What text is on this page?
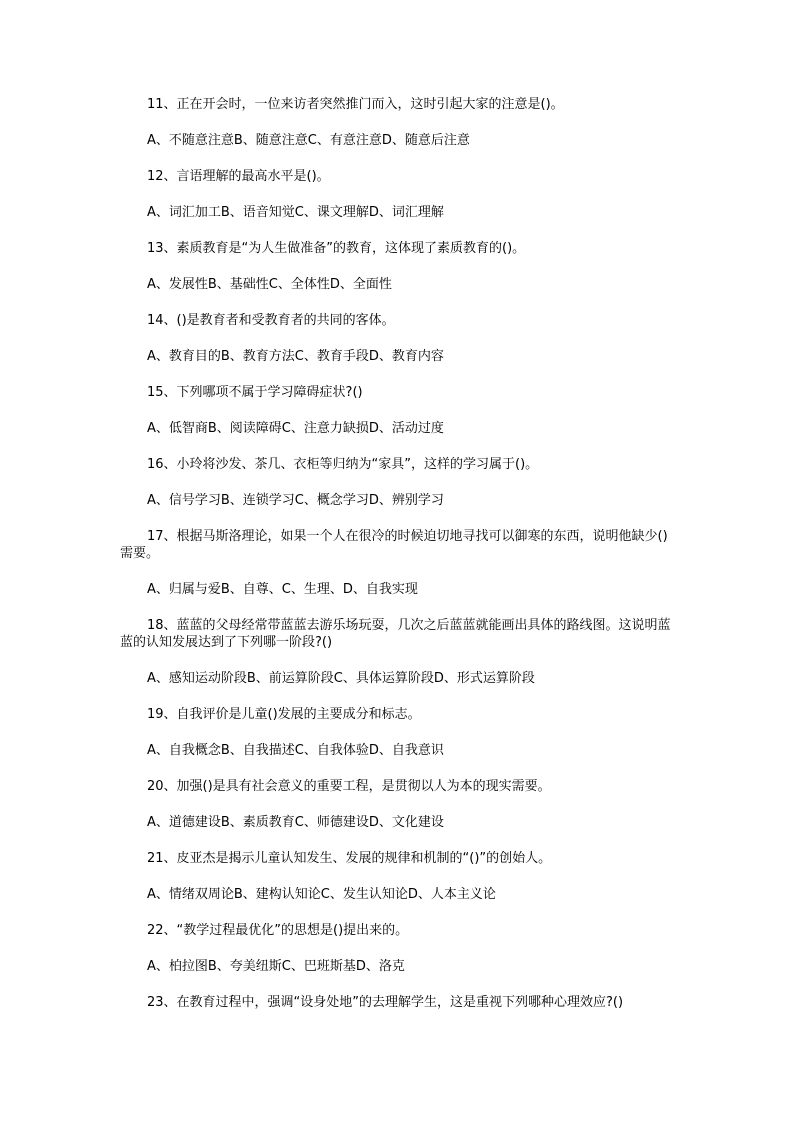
11、正在开会时，一位来访者突然推门而入，这时引起大家的注意是()。

A、不随意注意B、随意注意C、有意注意D、随意后注意

12、言语理解的最高水平是()。

A、词汇加工B、语音知觉C、课文理解D、词汇理解

13、素质教育是“为人生做准备”的教育，这体现了素质教育的()。

A、发展性B、基础性C、全体性D、全面性

14、()是教育者和受教育者的共同的客体。

A、教育目的B、教育方法C、教育手段D、教育内容

15、下列哪项不属于学习障碍症状?()

A、低智商B、阅读障碍C、注意力缺损D、活动过度

16、小玲将沙发、茶几、衣柜等归纳为“家具”，这样的学习属于()。

A、信号学习B、连锁学习C、概念学习D、辨别学习

17、根据马斯洛理论，如果一个人在很冷的时候迫切地寻找可以御寒的东西，说明他缺少()需要。

A、归属与爱B、自尊、C、生理、D、自我实现

18、蓝蓝的父母经常带蓝蓝去游乐场玩耍，几次之后蓝蓝就能画出具体的路线图。这说明蓝蓝的认知发展达到了下列哪一阶段?()

A、感知运动阶段B、前运算阶段C、具体运算阶段D、形式运算阶段

19、自我评价是儿童()发展的主要成分和标志。

A、自我概念B、自我描述C、自我体验D、自我意识

20、加强()是具有社会意义的重要工程，是贯彻以人为本的现实需要。

A、道德建设B、素质教育C、师德建设D、文化建设

21、皮亚杰是揭示儿童认知发生、发展的规律和机制的“()”的创始人。

A、情绪双周论B、建构认知论C、发生认知论D、人本主义论

22、“教学过程最优化”的思想是()提出来的。

A、柏拉图B、夸美纽斯C、巴班斯基D、洛克

23、在教育过程中，强调“设身处地”的去理解学生，这是重视下列哪种心理效应?()
